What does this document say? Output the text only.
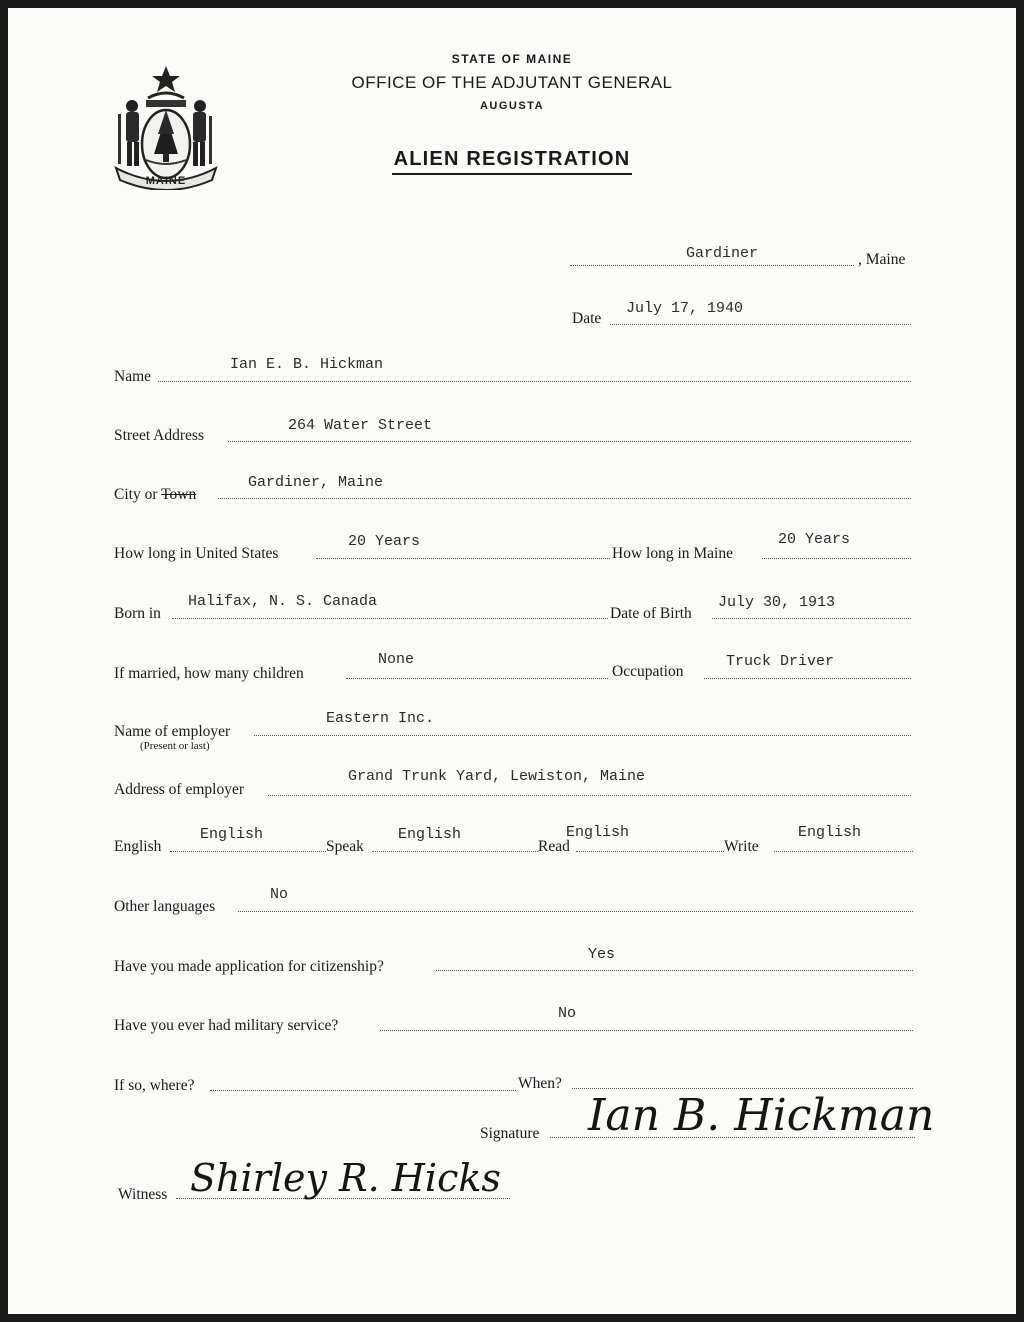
STATE OF MAINE
OFFICE OF THE ADJUTANT GENERAL
AUGUSTA
ALIEN REGISTRATION
MAINE
Gardiner	, Maine
Date
July 17, 1940
Name
Ian E. B. Hickman
Street Address
264 Water Street
City or Town
Gardiner, Maine
How long in United States
20 Years
How long in Maine
20 Years
Born in
Halifax, N. S. Canada
Date of Birth
July 30, 1913
If married, how many children
None
Occupation
Truck Driver
Name of employer
(Present or last)
Eastern Inc.
Address of employer
Grand Trunk Yard, Lewiston, Maine
English
English
Speak
English
Read
English
Write
English
Other languages
No
Have you made application for citizenship?
Yes
Have you ever had military service?
No
If so, where?	When?
Signature Ian B. Hickman
Witness Shirley R. Hicks
